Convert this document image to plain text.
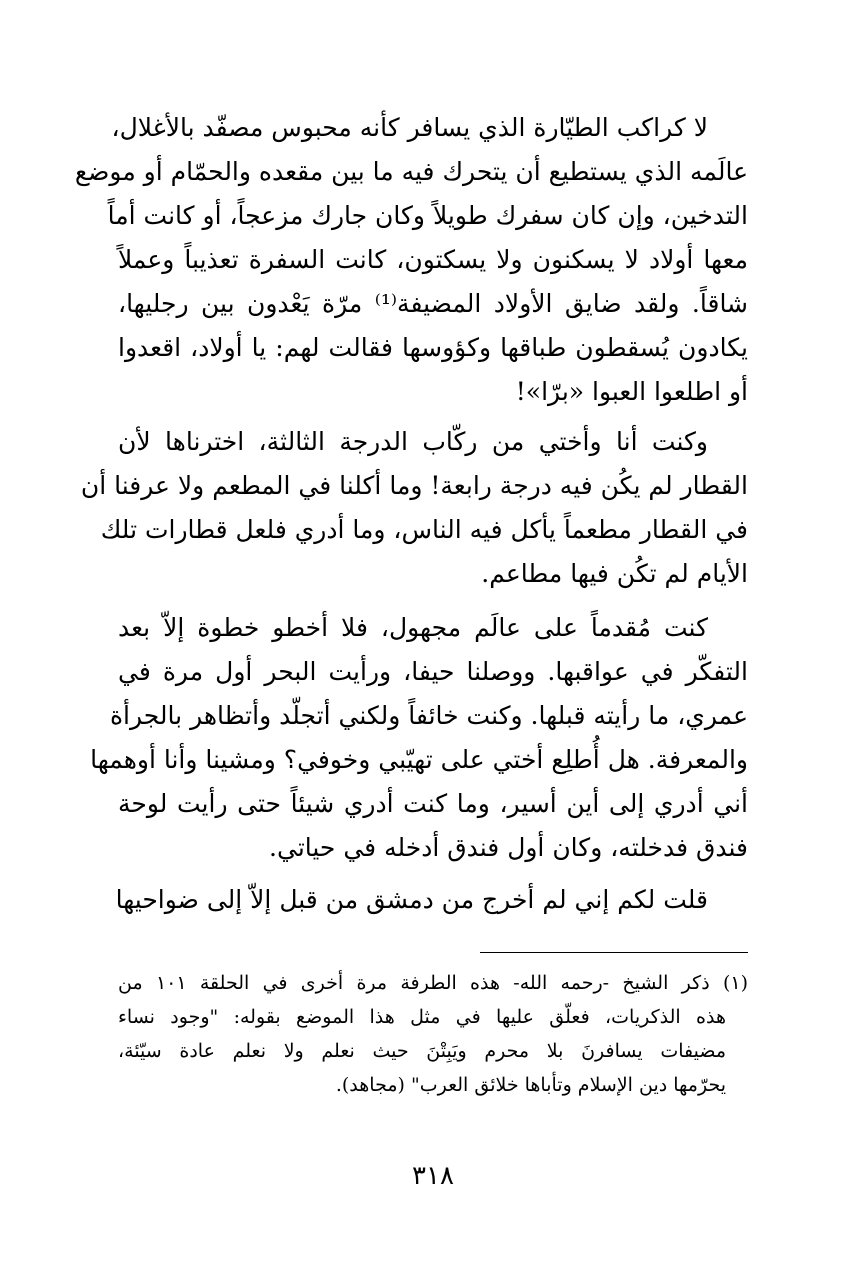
لا كراكب الطيّارة الذي يسافر كأنه محبوس مصفّد بالأغلال،
عالَمه الذي يستطيع أن يتحرك فيه ما بين مقعده والحمّام أو موضع
التدخين، وإن كان سفرك طويلاً وكان جارك مزعجاً، أو كانت أماً
معها أولاد لا يسكنون ولا يسكتون، كانت السفرة تعذيباً وعملاً
شاقاً. ولقد ضايق الأولاد المضيفة⁽¹⁾ مرّة يَعْدون بين رجليها،
يكادون يُسقطون طباقها وكؤوسها فقالت لهم: يا أولاد، اقعدوا
أو اطلعوا العبوا «برّا»!
وكنت أنا وأختي من ركّاب الدرجة الثالثة، اخترناها لأن
القطار لم يكُن فيه درجة رابعة! وما أكلنا في المطعم ولا عرفنا أن
في القطار مطعماً يأكل فيه الناس، وما أدري فلعل قطارات تلك
الأيام لم تكُن فيها مطاعم.
كنت مُقدماً على عالَم مجهول، فلا أخطو خطوة إلاّ بعد
التفكّر في عواقبها. ووصلنا حيفا، ورأيت البحر أول مرة في
عمري، ما رأيته قبلها. وكنت خائفاً ولكني أتجلّد وأتظاهر بالجرأة
والمعرفة. هل أُطلِع أختي على تهيّبي وخوفي؟ ومشينا وأنا أوهمها
أني أدري إلى أين أسير، وما كنت أدري شيئاً حتى رأيت لوحة
فندق فدخلته، وكان أول فندق أدخله في حياتي.
قلت لكم إني لم أخرج من دمشق من قبل إلاّ إلى ضواحيها
(١) ذكر الشيخ -رحمه الله- هذه الطرفة مرة أخرى في الحلقة ١٠١ من
هذه الذكريات، فعلّق عليها في مثل هذا الموضع بقوله: "وجود نساء
مضيفات يسافرنَ بلا محرم ويَبِتْنَ حيث نعلم ولا نعلم عادة سيّئة،
يحرّمها دين الإسلام وتأباها خلائق العرب" (مجاهد).
٣١٨
